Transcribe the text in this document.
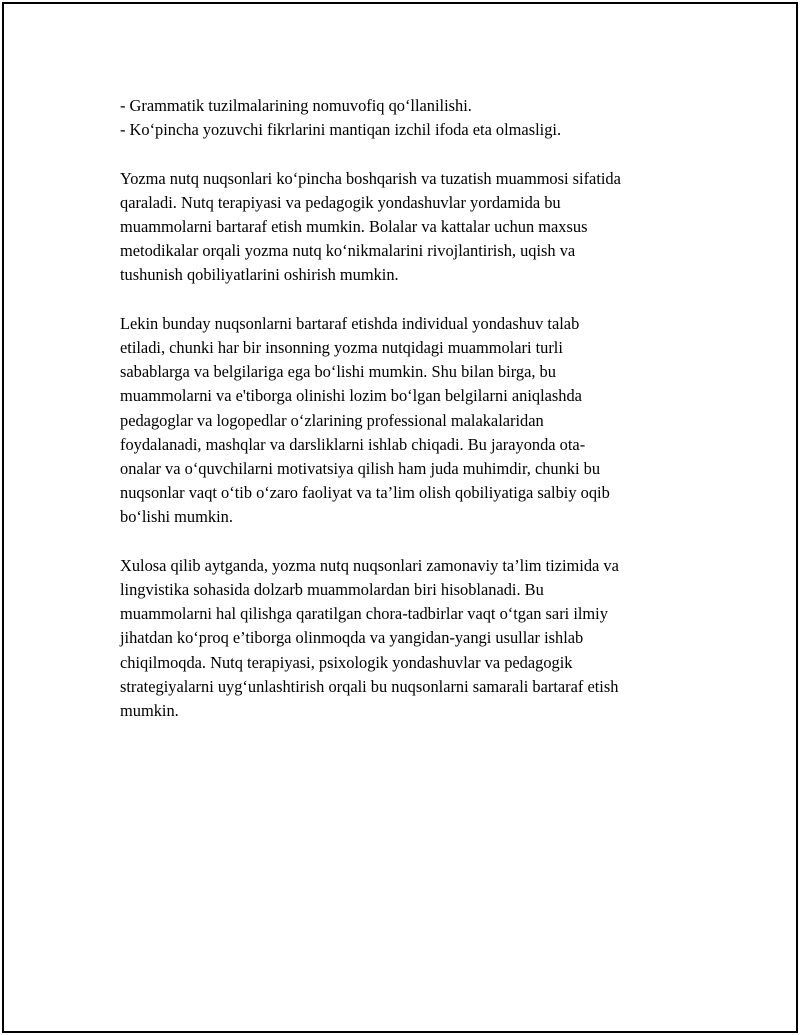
- Grammatik tuzilmalarining nomuvofiq qo‘llanilishi.
- Ko‘pincha yozuvchi fikrlarini mantiqan izchil ifoda eta olmasligi.
Yozma nutq nuqsonlari ko‘pincha boshqarish va tuzatish muammosi sifatida
qaraladi. Nutq terapiyasi va pedagogik yondashuvlar yordamida bu
muammolarni bartaraf etish mumkin. Bolalar va kattalar uchun maxsus
metodikalar orqali yozma nutq ko‘nikmalarini rivojlantirish, uqish va
tushunish qobiliyatlarini oshirish mumkin.
Lekin bunday nuqsonlarni bartaraf etishda individual yondashuv talab
etiladi, chunki har bir insonning yozma nutqidagi muammolari turli
sabablarga va belgilariga ega bo‘lishi mumkin. Shu bilan birga, bu
muammolarni va e'tiborga olinishi lozim bo‘lgan belgilarni aniqlashda
pedagoglar va logopedlar o‘zlarining professional malakalaridan
foydalanadi, mashqlar va darsliklarni ishlab chiqadi. Bu jarayonda ota-
onalar va o‘quvchilarni motivatsiya qilish ham juda muhimdir, chunki bu
nuqsonlar vaqt o‘tib o‘zaro faoliyat va ta’lim olish qobiliyatiga salbiy oqib
bo‘lishi mumkin.
Xulosa qilib aytganda, yozma nutq nuqsonlari zamonaviy ta’lim tizimida va
lingvistika sohasida dolzarb muammolardan biri hisoblanadi. Bu
muammolarni hal qilishga qaratilgan chora-tadbirlar vaqt o‘tgan sari ilmiy
jihatdan ko‘proq e’tiborga olinmoqda va yangidan-yangi usullar ishlab
chiqilmoqda. Nutq terapiyasi, psixologik yondashuvlar va pedagogik
strategiyalarni uyg‘unlashtirish orqali bu nuqsonlarni samarali bartaraf etish
mumkin.
